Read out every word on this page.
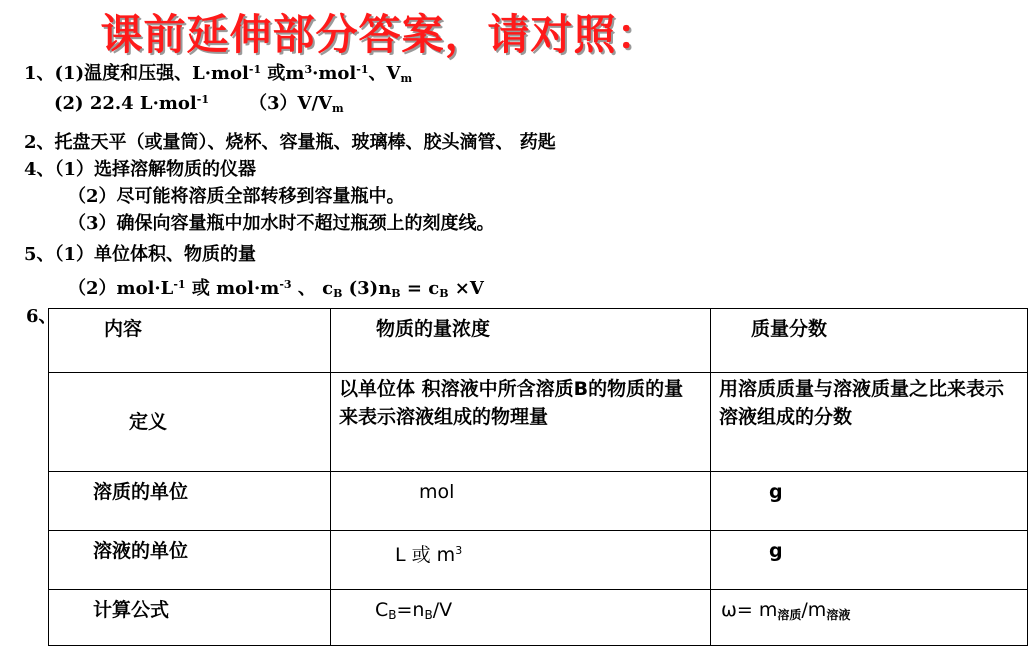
课前延伸部分答案，请对照：
1、(1)温度和压强、L·mol$^{-1}$ 或$m^3\cdot mol^{-1}$、$V_m$
(2) 22.4 L·mol$^{-1}$ $(3)V/V_m$
2、托盘天平（或量筒）、烧杯、容量瓶、玻璃棒、胶头滴管、 药匙
4、（1）选择溶解物质的仪器
（2）尽可能将溶质全部转移到容量瓶中。
（3）确保向容量瓶中加水时不超过瓶颈上的刻度线。
5、（1）单位体积、物质的量
$(2)mol\cdot L^{-1}$ 或 $mol\cdot m^{-3}$ 、 $c_B$ $(3)n_B = c_B \times V$
6、
内容	物质的量浓度	质量分数
定义	以单位体 积溶液中所含溶质B的物质的量来表示溶液组成的物理量	用溶质质量与溶液质量之比来表示溶液组成的分数
溶质的单位	mol	g
溶液的单位	L 或 $m^3$	g
计算公式	$C_B=n_B/V$	$\omega= m_{溶质}/m_{溶液}$
